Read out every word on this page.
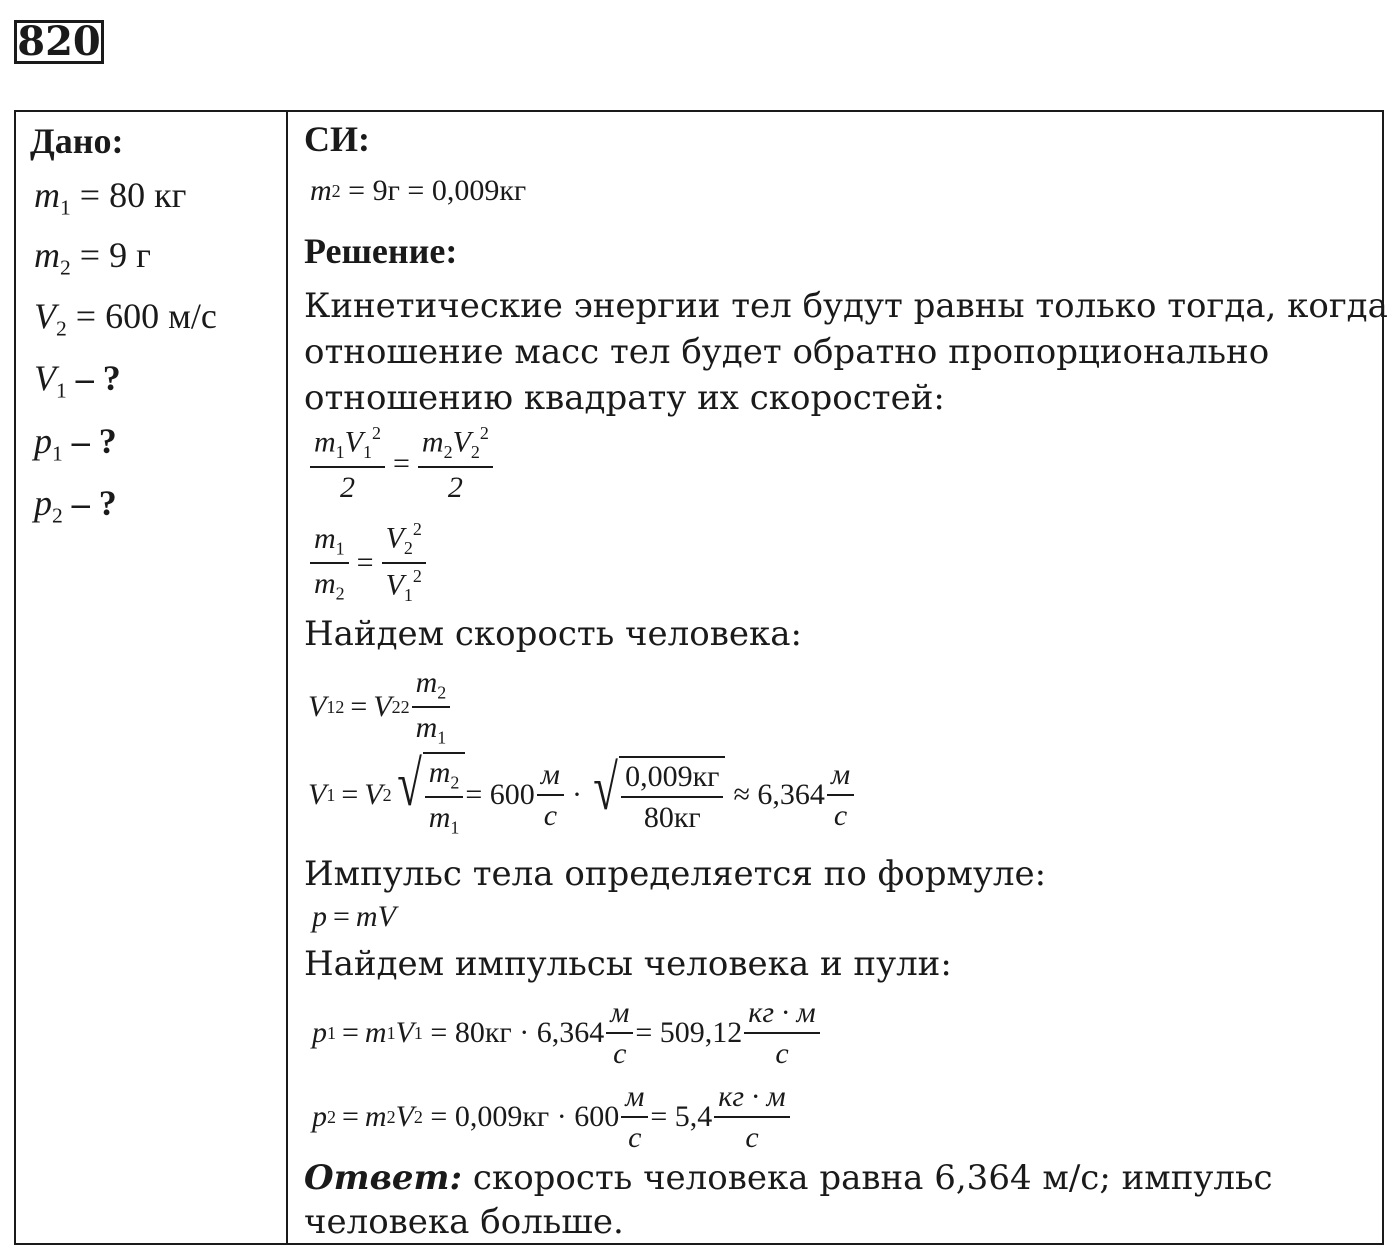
820
Дано:
$m_1 = 80$ кг
$m_2 = 9$ г
$V_2 = 600$ м/с
$V_1$ – ?
$p_1$ – ?
$p_2$ – ?
СИ:
m 2
= 9г = 0,009кг
Решение:
Кинетические энергии тел будут равны только тогда, когда
отношение масс тел будет обратно пропорционально
отношению квадрату их скоростей:
$\frac{m_1V_1^2}{2} = \frac{m_2V_2^2}{2}$
$\frac{m_1}{m_2} = \frac{V_2^2}{V_1^2}$
Найдем скорость человека:
V 1 2 = V 2 $2 \frac{m_2}{m_1}$
V 1 = V 2 √ $\frac{m_2}{m_1} = 600 \frac{м}{с}$ · √ $\frac{0,009кг}{80кг} \approx 6,364 \frac{м}{с}$
Импульс тела определяется по формуле:
p = mV
Найдем импульсы человека и пули:
p 1 = m 1 V 1
= $80кг \cdot 6,364 \frac{м}{с} = 509,12 \frac{кг \cdot м}{с}$
p 2 = m 2 V 2
= $0,009кг \cdot 600 \frac{м}{с} = 5,4 \frac{кг \cdot м}{с}$
Ответ: скорость человека равна 6,364 м/с; импульс человека больше.
